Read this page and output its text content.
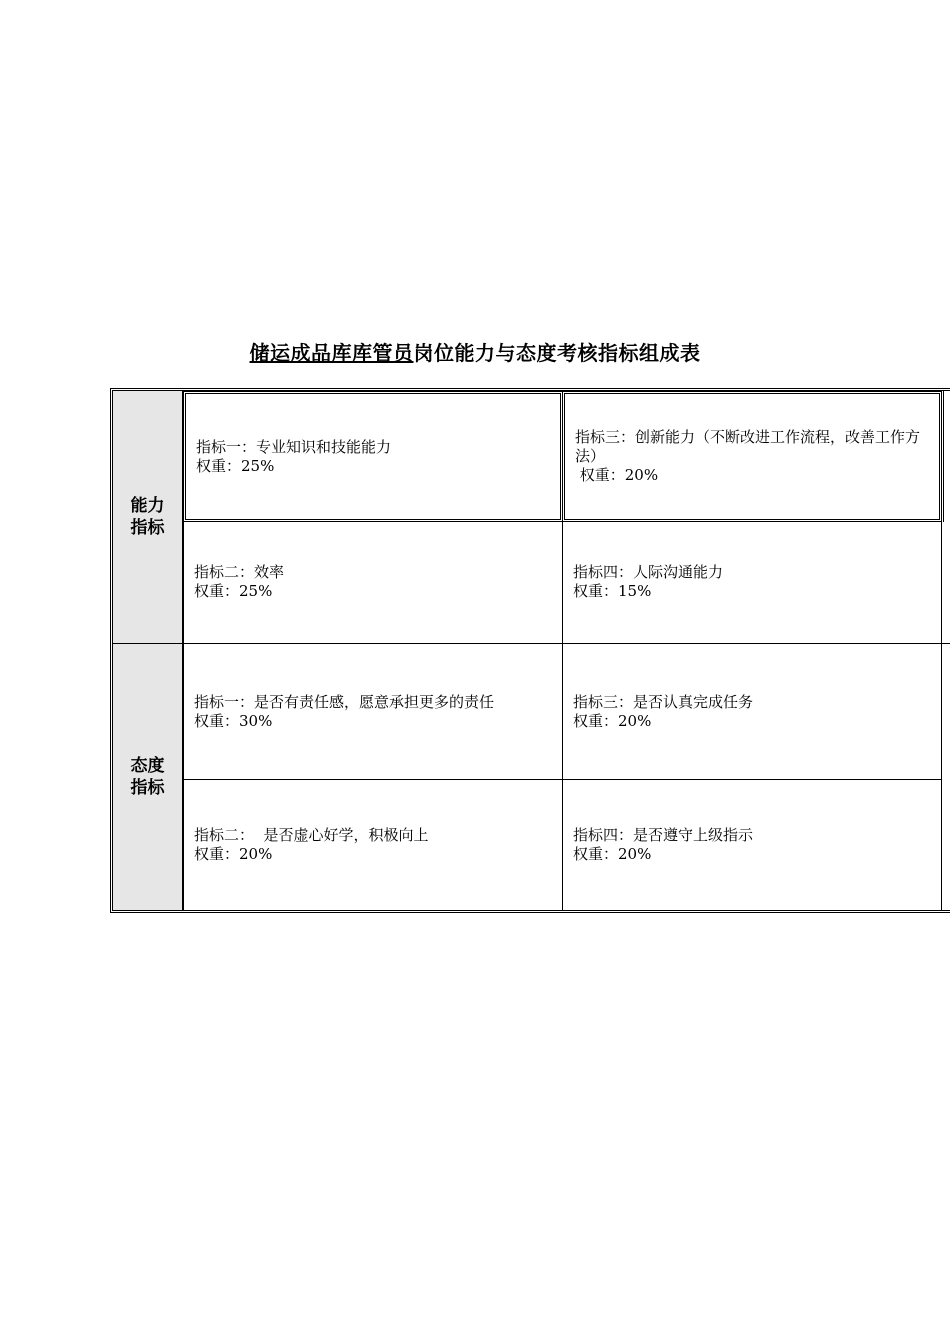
储运成品库库管员岗位能力与态度考核指标组成表
能力
指标
指标一：专业知识和技能能力
权重：25%
指标三：创新能力（不断改进工作流程，改善工作方法）
权重：20%
指标二：效率
权重：25%
指标四：人际沟通能力
权重：15%
态度
指标
指标一：是否有责任感，愿意承担更多的责任
权重：30%
指标三：是否认真完成任务
权重：20%
指标二：  是否虚心好学，积极向上
权重：20%
指标四：是否遵守上级指示
权重：20%
